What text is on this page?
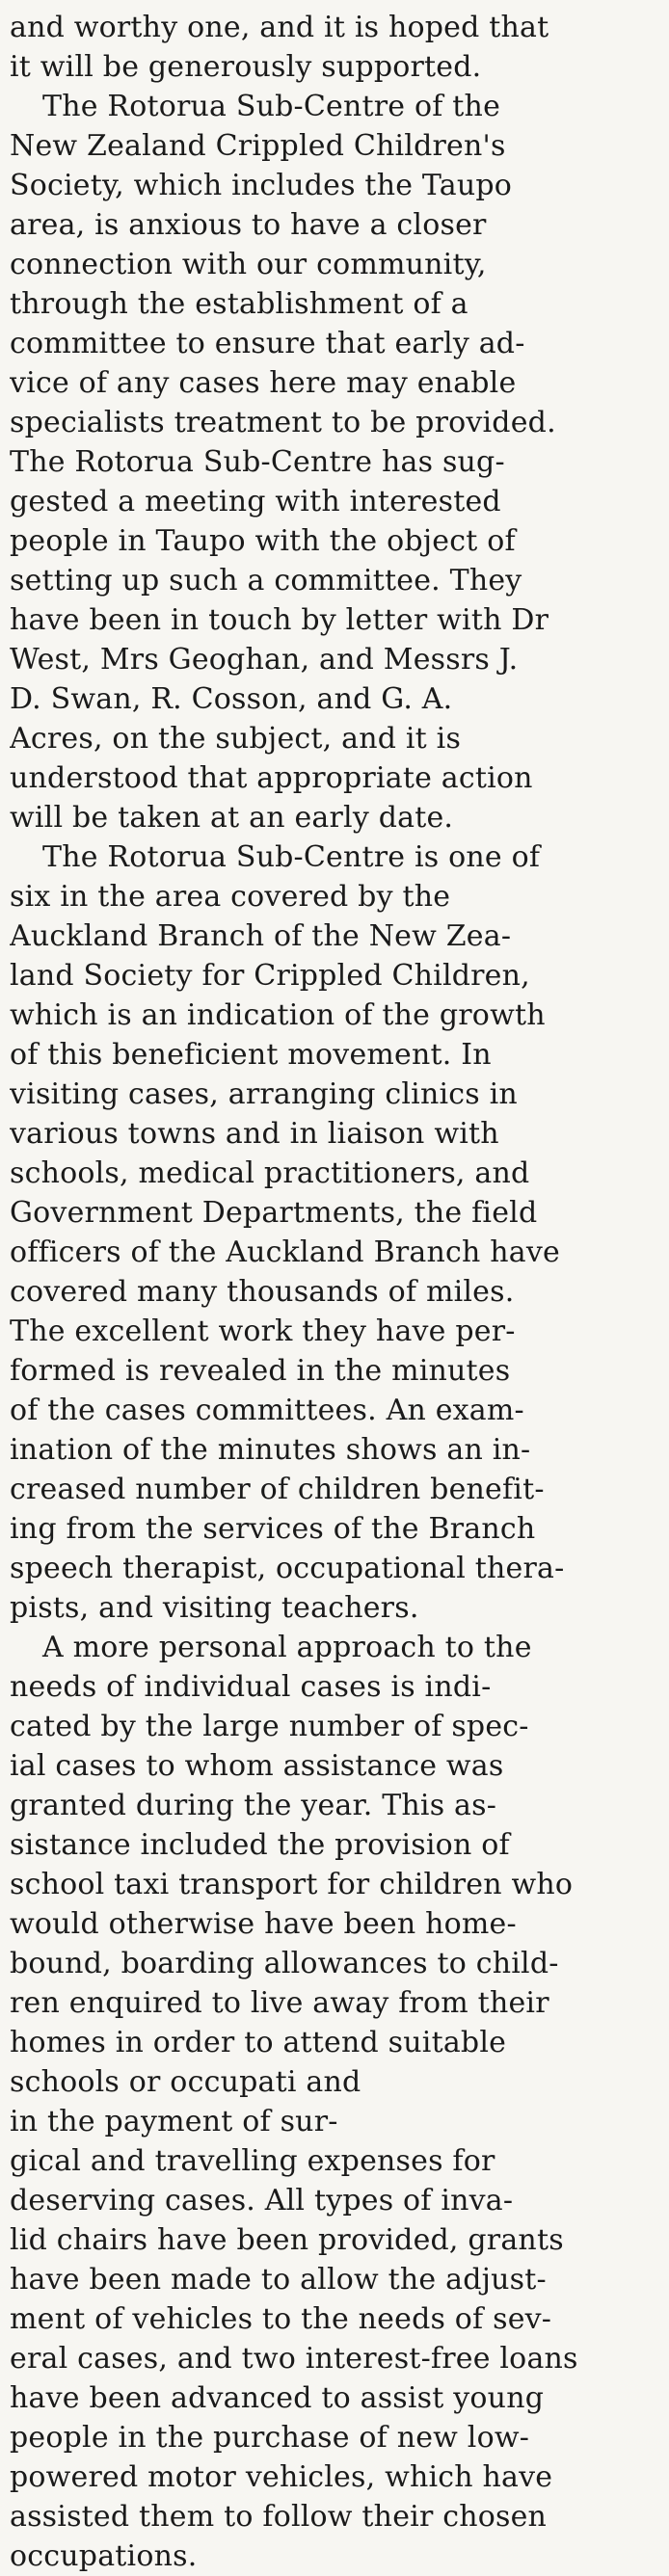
and worthy one, and it is hoped that
it will be generously supported.
The Rotorua Sub-Centre of the
New Zealand Crippled Children's
Society, which includes the Taupo
area, is anxious to have a closer
connection with our community,
through the establishment of a
committee to ensure that early ad-
vice of any cases here may enable
specialists treatment to be provided.
The Rotorua Sub-Centre has sug-
gested a meeting with interested
people in Taupo with the object of
setting up such a committee. They
have been in touch by letter with Dr
West, Mrs Geoghan, and Messrs J.
D. Swan, R. Cosson, and G. A.
Acres, on the subject, and it is
understood that appropriate action
will be taken at an early date.
The Rotorua Sub-Centre is one of
six in the area covered by the
Auckland Branch of the New Zea-
land Society for Crippled Children,
which is an indication of the growth
of this beneficient movement. In
visiting cases, arranging clinics in
various towns and in liaison with
schools, medical practitioners, and
Government Departments, the field
officers of the Auckland Branch have
covered many thousands of miles.
The excellent work they have per-
formed is revealed in the minutes
of the cases committees. An exam-
ination of the minutes shows an in-
creased number of children benefit-
ing from the services of the Branch
speech therapist, occupational thera-
pists, and visiting teachers.
A more personal approach to the
needs of individual cases is indi-
cated by the large number of spec-
ial cases to whom assistance was
granted during the year. This as-
sistance included the provision of
school taxi transport for children who
would otherwise have been home-
bound, boarding allowances to child-
ren enquired to live away from their
homes in order to attend suitable
schools or occupati and
in the payment of sur-
gical and travelling expenses for
deserving cases. All types of inva-
lid chairs have been provided, grants
have been made to allow the adjust-
ment of vehicles to the needs of sev-
eral cases, and two interest-free loans
have been advanced to assist young
people in the purchase of new low-
powered motor vehicles, which have
assisted them to follow their chosen
occupations.
